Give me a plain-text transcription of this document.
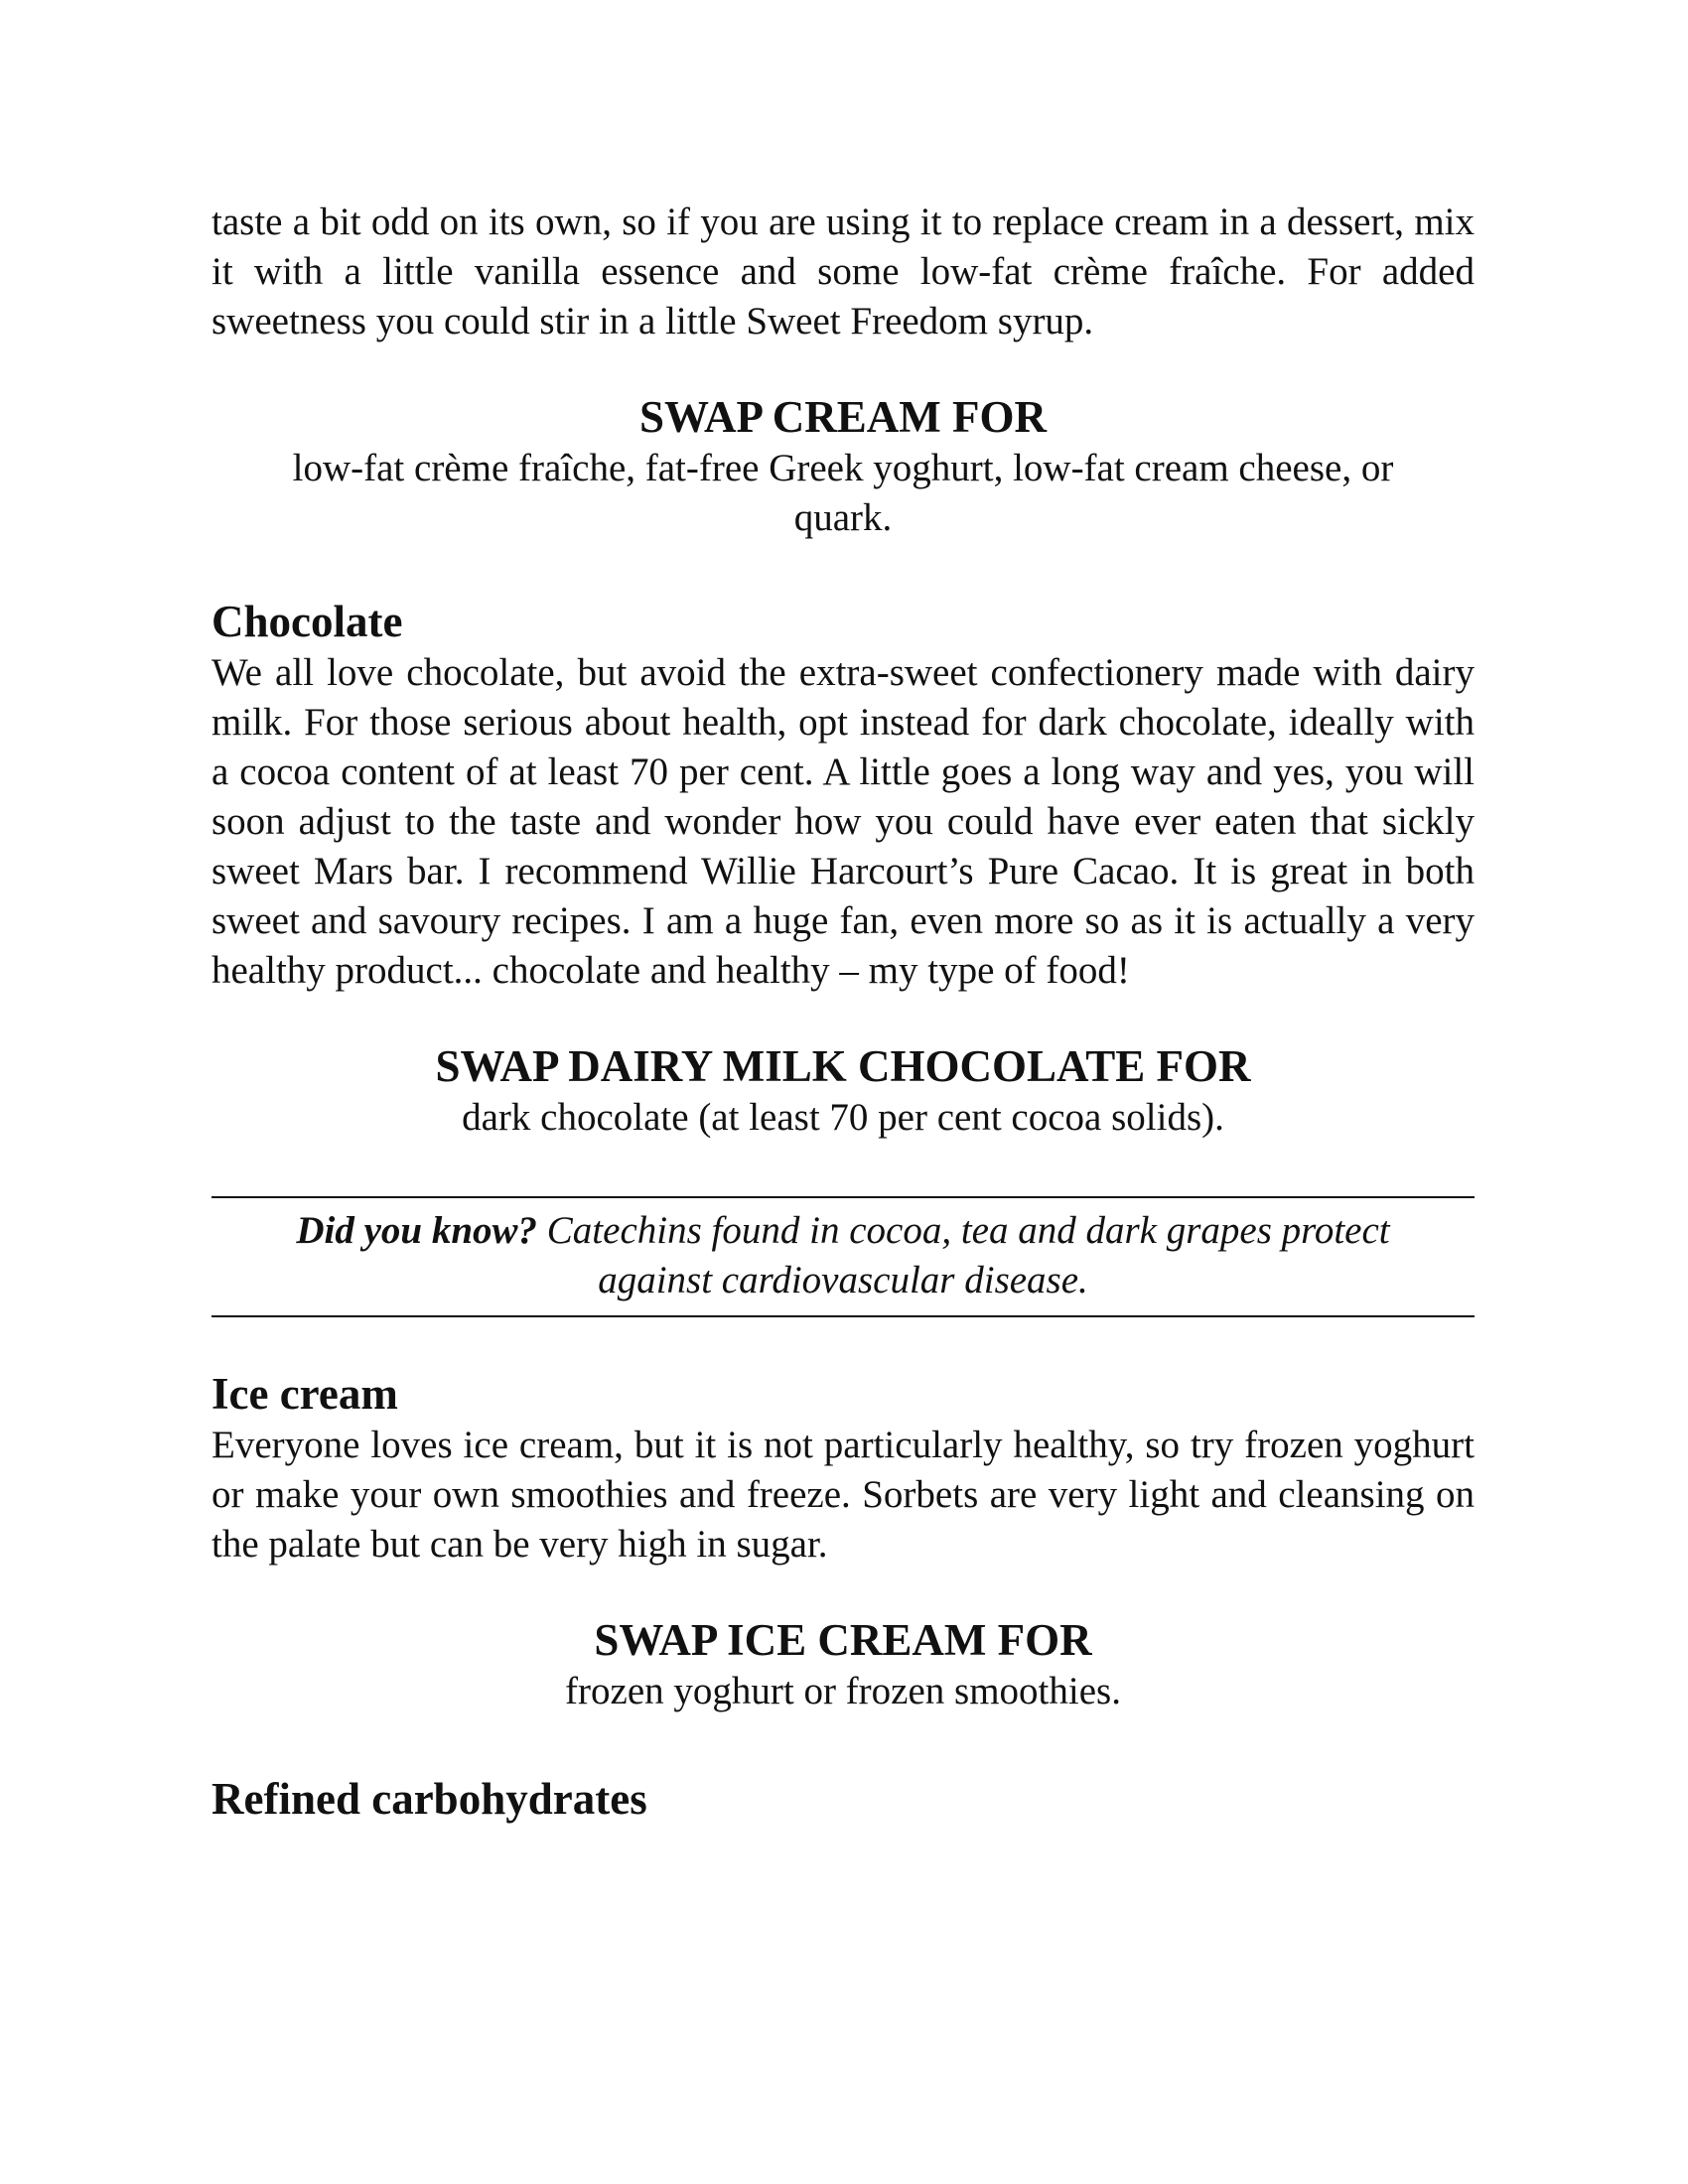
taste a bit odd on its own, so if you are using it to replace cream in a dessert, mix it with a little vanilla essence and some low-fat crème fraîche. For added sweetness you could stir in a little Sweet Freedom syrup.

SWAP CREAM FOR

low-fat crème fraîche, fat-free Greek yoghurt, low-fat cream cheese, or quark.

Chocolate

We all love chocolate, but avoid the extra-sweet confectionery made with dairy milk. For those serious about health, opt instead for dark chocolate, ideally with a cocoa content of at least 70 per cent. A little goes a long way and yes, you will soon adjust to the taste and wonder how you could have ever eaten that sickly sweet Mars bar. I recommend Willie Harcourt’s Pure Cacao. It is great in both sweet and savoury recipes. I am a huge fan, even more so as it is actually a very healthy product... chocolate and healthy – my type of food!

SWAP DAIRY MILK CHOCOLATE FOR

dark chocolate (at least 70 per cent cocoa solids).

Did you know? Catechins found in cocoa, tea and dark grapes protect against cardiovascular disease.
Ice cream

Everyone loves ice cream, but it is not particularly healthy, so try frozen yoghurt or make your own smoothies and freeze. Sorbets are very light and cleansing on the palate but can be very high in sugar.

SWAP ICE CREAM FOR

frozen yoghurt or frozen smoothies.

Refined carbohydrates
